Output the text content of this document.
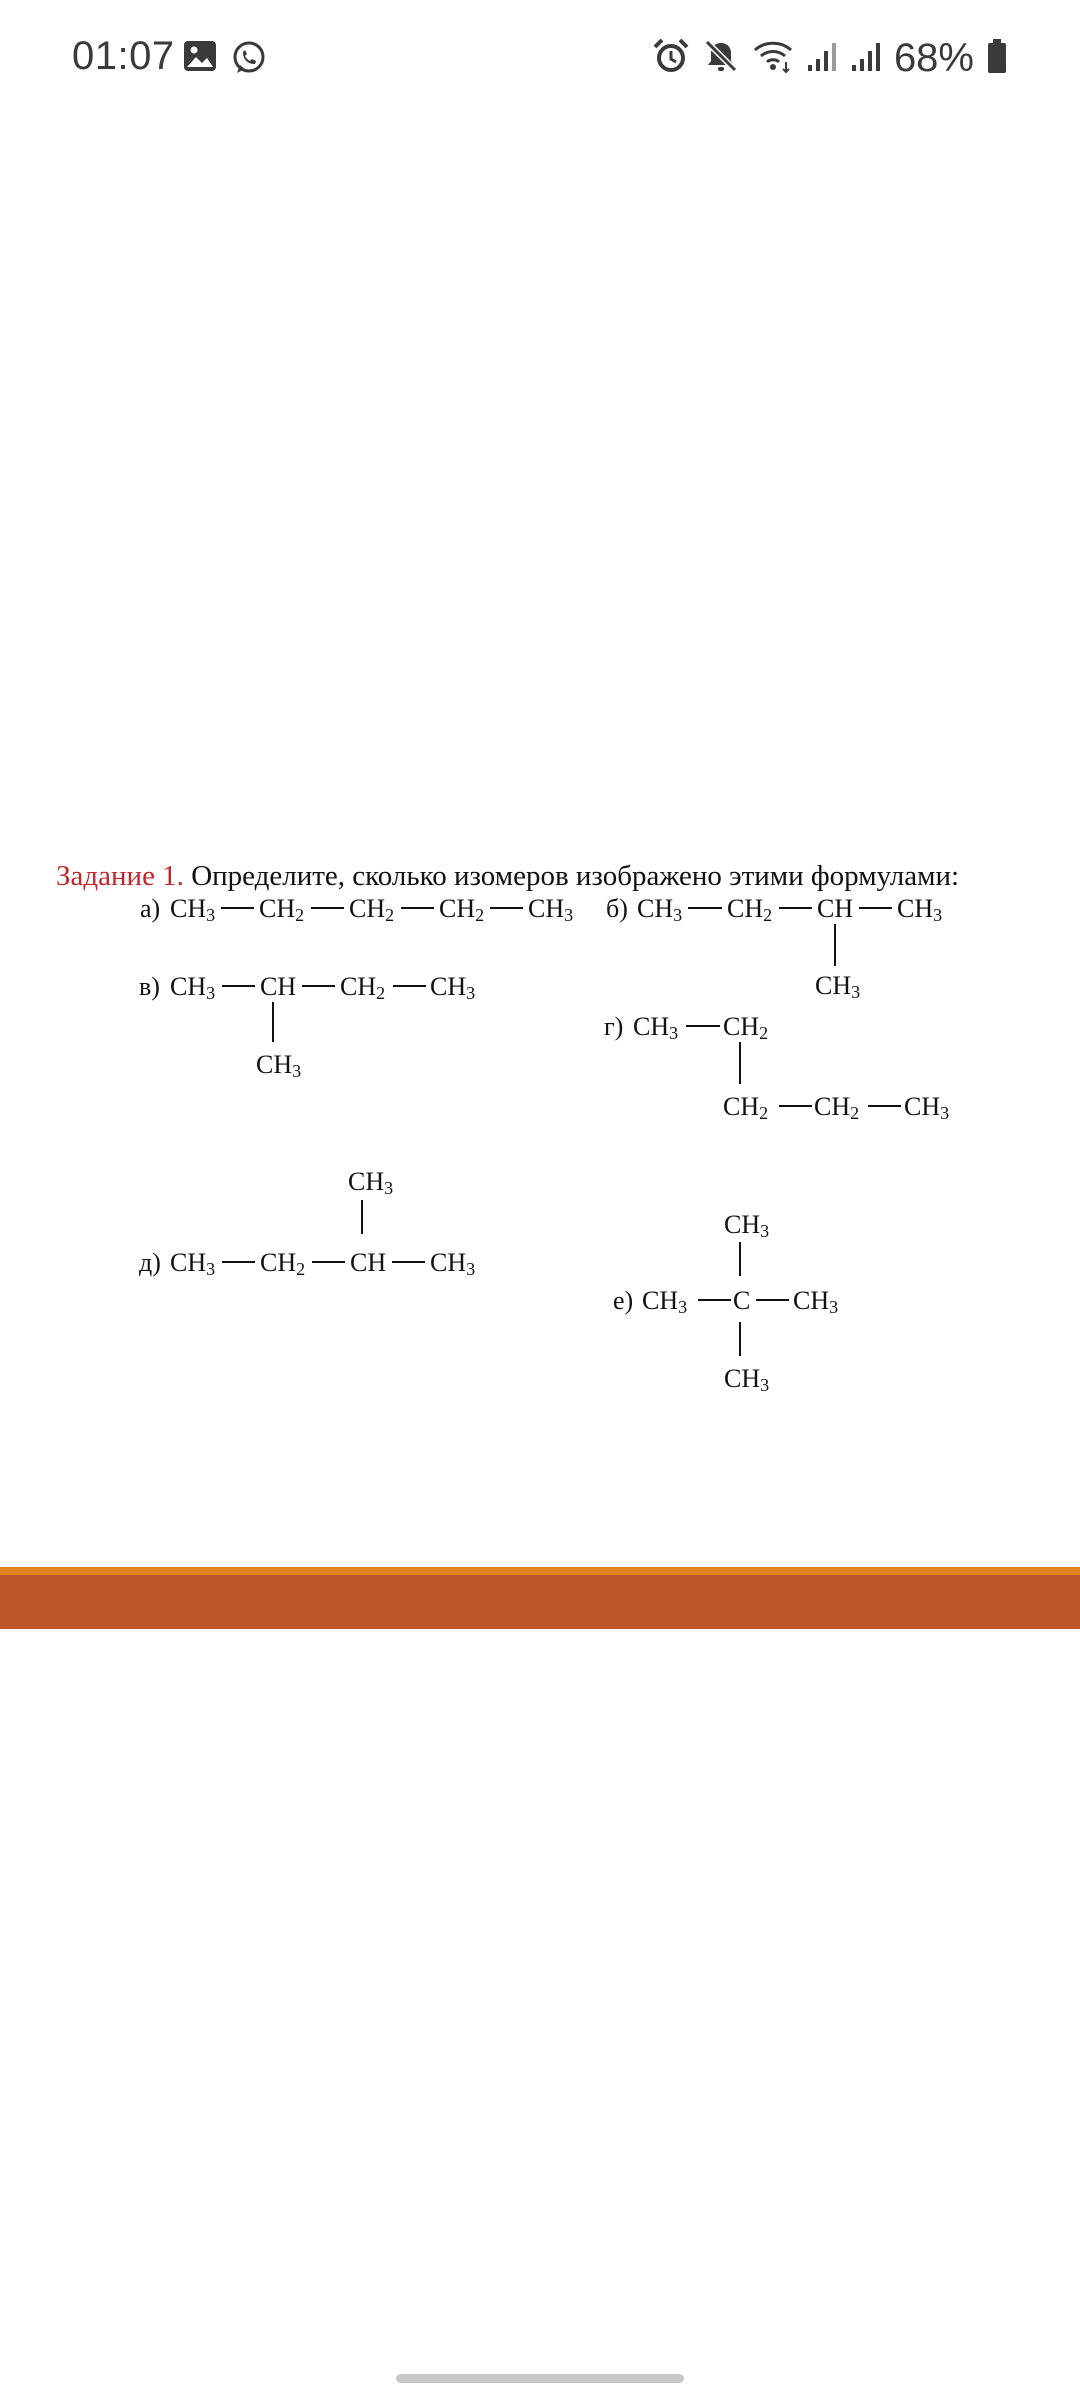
01:07	68%
Задание 1. Определите, сколько изомеров изображено этими формулами:
а) CH3 CH2 CH2 CH2 CH3 б) CH3 CH2 CH CH3
CH3
в) CH3 CH CH2 CH3
CH3
г) CH3 CH2
CH2 CH2 CH3
CH3
д) CH3 CH2 CH CH3
CH3
е) CH3 C CH3
CH3
